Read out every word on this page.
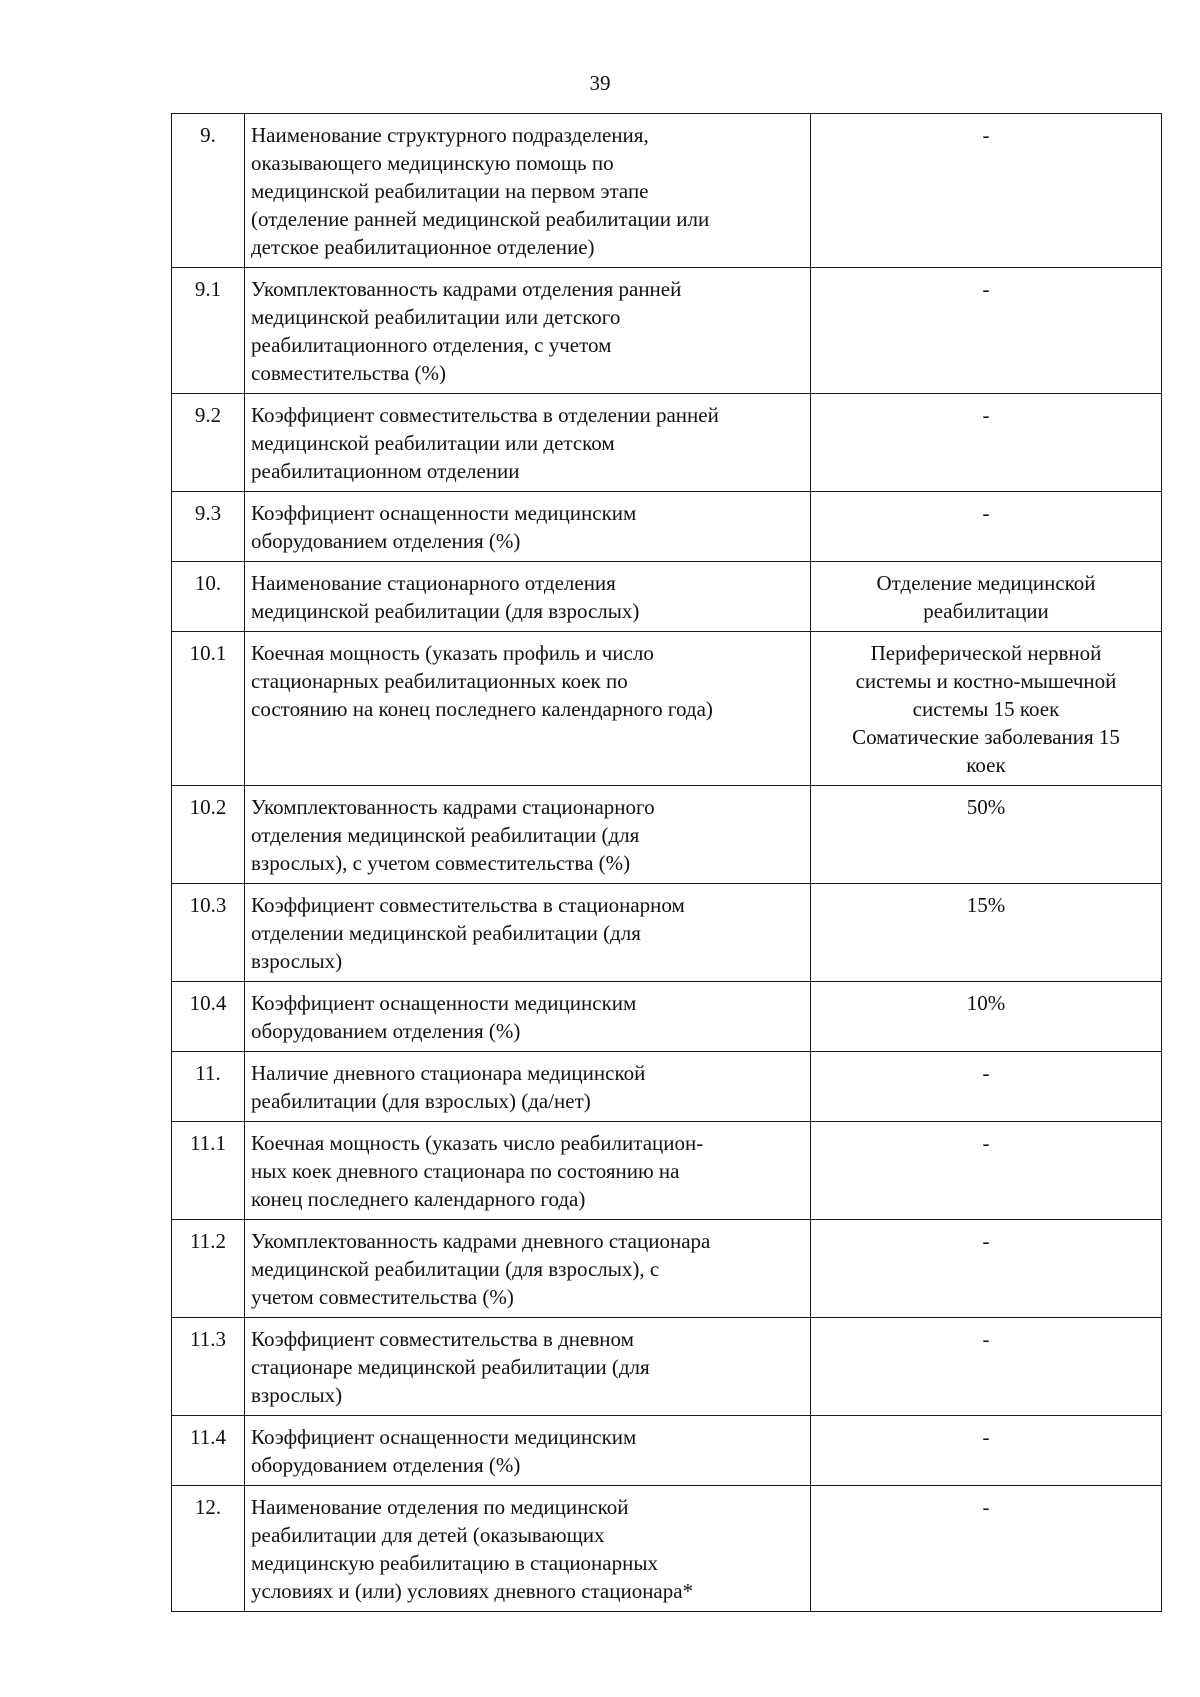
39
9.	Наименование структурного подразделения,
оказывающего медицинскую помощь по
медицинской реабилитации на первом этапе
(отделение ранней медицинской реабилитации или
детское реабилитационное отделение)	-

9.1	Укомплектованность кадрами отделения ранней
медицинской реабилитации или детского
реабилитационного отделения, с учетом
совместительства (%)	-

9.2	Коэффициент совместительства в отделении ранней
медицинской реабилитации или детском
реабилитационном отделении	-

9.3	Коэффициент оснащенности медицинским
оборудованием отделения (%)	-

10.	Наименование стационарного отделения
медицинской реабилитации (для взрослых)	Отделение медицинской
реабилитации

10.1	Коечная мощность (указать профиль и число
стационарных реабилитационных коек по
состоянию на конец последнего календарного года)	Периферической нервной
системы и костно-мышечной
системы 15 коек
Соматические заболевания 15
коек

10.2	Укомплектованность кадрами стационарного
отделения медицинской реабилитации (для
взрослых), с учетом совместительства (%)	50%

10.3	Коэффициент совместительства в стационарном
отделении медицинской реабилитации (для
взрослых)	15%

10.4	Коэффициент оснащенности медицинским
оборудованием отделения (%)	10%

11.	Наличие дневного стационара медицинской
реабилитации (для взрослых) (да/нет)	-

11.1	Коечная мощность (указать число реабилитацион-
ных коек дневного стационара по состоянию на
конец последнего календарного года)	-

11.2	Укомплектованность кадрами дневного стационара
медицинской реабилитации (для взрослых), с
учетом совместительства (%)	-

11.3	Коэффициент совместительства в дневном
стационаре медицинской реабилитации (для
взрослых)	-

11.4	Коэффициент оснащенности медицинским
оборудованием отделения (%)	-

12.	Наименование отделения по медицинской
реабилитации для детей (оказывающих
медицинскую реабилитацию в стационарных
условиях и (или) условиях дневного стационара*	-
